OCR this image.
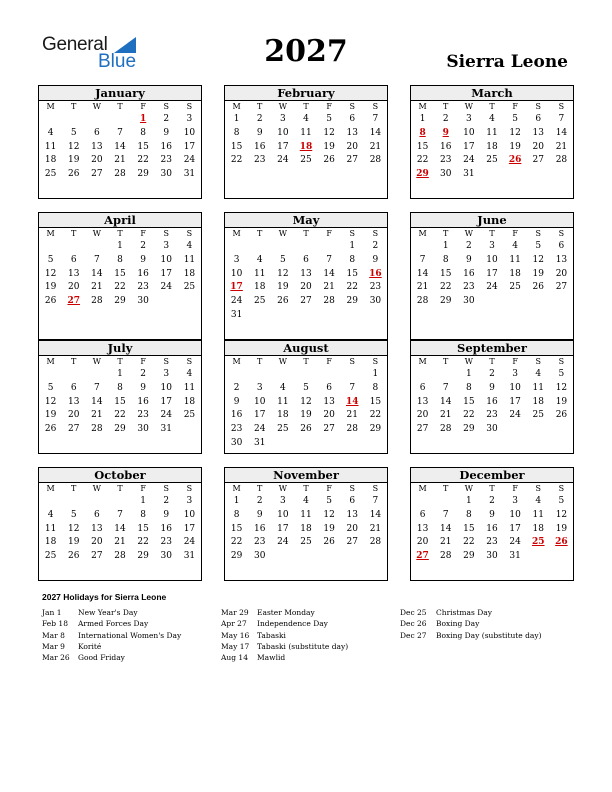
General
Blue	2027	Sierra Leone
January
M	T	W	T	F	S	S
				1	2	3
4	5	6	7	8	9	10
11	12	13	14	15	16	17
18	19	20	21	22	23	24
25	26	27	28	29	30	31
February
M	T	W	T	F	S	S
1	2	3	4	5	6	7
8	9	10	11	12	13	14
15	16	17	18	19	20	21
22	23	24	25	26	27	28
March
M	T	W	T	F	S	S
1	2	3	4	5	6	7
8	9	10	11	12	13	14
15	16	17	18	19	20	21
22	23	24	25	26	27	28
29	30	31				
April
M	T	W	T	F	S	S
			1	2	3	4
5	6	7	8	9	10	11
12	13	14	15	16	17	18
19	20	21	22	23	24	25
26	27	28	29	30		
May
M	T	W	T	F	S	S
					1	2
3	4	5	6	7	8	9
10	11	12	13	14	15	16
17	18	19	20	21	22	23
24	25	26	27	28	29	30
31						
June
M	T	W	T	F	S	S
	1	2	3	4	5	6
7	8	9	10	11	12	13
14	15	16	17	18	19	20
21	22	23	24	25	26	27
28	29	30				
July
M	T	W	T	F	S	S
			1	2	3	4
5	6	7	8	9	10	11
12	13	14	15	16	17	18
19	20	21	22	23	24	25
26	27	28	29	30	31	
August
M	T	W	T	F	S	S
						1
2	3	4	5	6	7	8
9	10	11	12	13	14	15
16	17	18	19	20	21	22
23	24	25	26	27	28	29
30	31					
September
M	T	W	T	F	S	S
		1	2	3	4	5
6	7	8	9	10	11	12
13	14	15	16	17	18	19
20	21	22	23	24	25	26
27	28	29	30			
October
M	T	W	T	F	S	S
				1	2	3
4	5	6	7	8	9	10
11	12	13	14	15	16	17
18	19	20	21	22	23	24
25	26	27	28	29	30	31
November
M	T	W	T	F	S	S
1	2	3	4	5	6	7
8	9	10	11	12	13	14
15	16	17	18	19	20	21
22	23	24	25	26	27	28
29	30					
December
M	T	W	T	F	S	S
		1	2	3	4	5
6	7	8	9	10	11	12
13	14	15	16	17	18	19
20	21	22	23	24	25	26
27	28	29	30	31		
2027 Holidays for Sierra Leone
Jan 1 New Year's Day
Feb 18 Armed Forces Day
Mar 8 International Women's Day
Mar 9 Korité
Mar 26 Good Friday
Mar 29 Easter Monday
Apr 27 Independence Day
May 16 Tabaski
May 17 Tabaski (substitute day)
Aug 14 Mawlid
Dec 25 Christmas Day
Dec 26 Boxing Day
Dec 27 Boxing Day (substitute day)
